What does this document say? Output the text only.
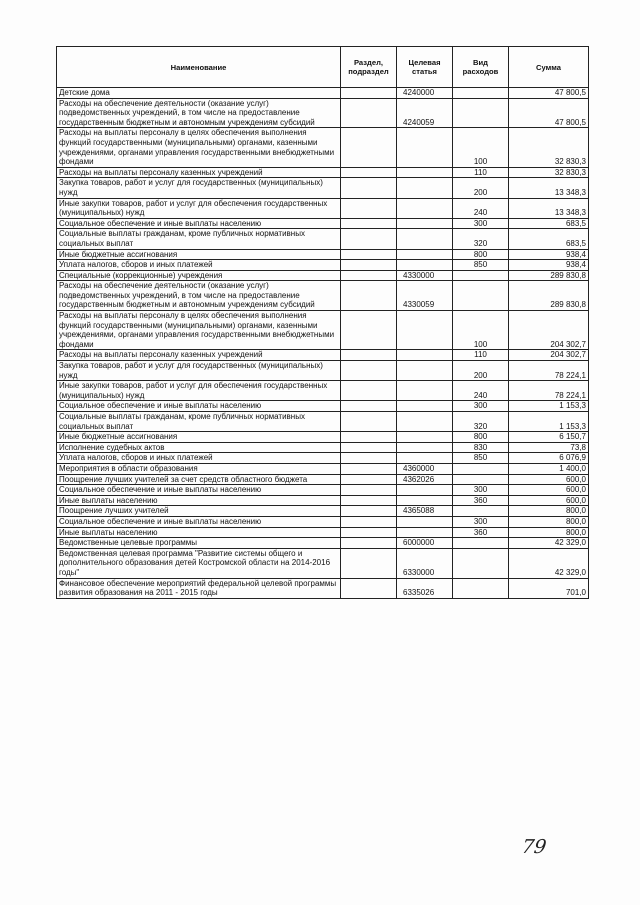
Наименование	Раздел, подраздел	Целевая статья	Вид расходов	Сумма
Детские дома		4240000		47 800,5
Расходы на обеспечение деятельности (оказание услуг) подведомственных учреждений, в том числе на предоставление государственным бюджетным и автономным учреждениям субсидий		4240059		47 800,5
Расходы на выплаты персоналу в целях обеспечения выполнения функций государственными (муниципальными) органами, казенными учреждениями, органами управления государственными внебюджетными фондами			100	32 830,3
Расходы на выплаты персоналу казенных учреждений			110	32 830,3
Закупка товаров, работ и услуг для государственных (муниципальных) нужд			200	13 348,3
Иные закупки товаров, работ и услуг для обеспечения государственных (муниципальных) нужд			240	13 348,3
Социальное обеспечение и иные выплаты населению			300	683,5
Социальные выплаты гражданам, кроме публичных нормативных социальных выплат			320	683,5
Иные бюджетные ассигнования			800	938,4
Уплата налогов, сборов и иных платежей			850	938,4
Специальные (коррекционные) учреждения		4330000		289 830,8
Расходы на обеспечение деятельности (оказание услуг) подведомственных учреждений, в том числе на предоставление государственным бюджетным и автономным учреждениям субсидий		4330059		289 830,8
Расходы на выплаты персоналу в целях обеспечения выполнения функций государственными (муниципальными) органами, казенными учреждениями, органами управления государственными внебюджетными фондами			100	204 302,7
Расходы на выплаты персоналу казенных учреждений			110	204 302,7
Закупка товаров, работ и услуг для государственных (муниципальных) нужд			200	78 224,1
Иные закупки товаров, работ и услуг для обеспечения государственных (муниципальных) нужд			240	78 224,1
Социальное обеспечение и иные выплаты населению			300	1 153,3
Социальные выплаты гражданам, кроме публичных нормативных социальных выплат			320	1 153,3
Иные бюджетные ассигнования			800	6 150,7
Исполнение судебных актов			830	73,8
Уплата налогов, сборов и иных платежей			850	6 076,9
Мероприятия в области образования		4360000		1 400,0
Поощрение лучших учителей за счет средств областного бюджета		4362026		600,0
Социальное обеспечение и иные выплаты населению			300	600,0
Иные выплаты населению			360	600,0
Поощрение лучших учителей		4365088		800,0
Социальное обеспечение и иные выплаты населению			300	800,0
Иные выплаты населению			360	800,0
Ведомственные целевые программы		6000000		42 329,0
Ведомственная целевая программа "Развитие системы общего и дополнительного образования детей Костромской области на 2014-2016 годы"		6330000		42 329,0
Финансовое обеспечение мероприятий федеральной целевой программы развития образования на 2011 - 2015 годы		6335026		701,0
79
